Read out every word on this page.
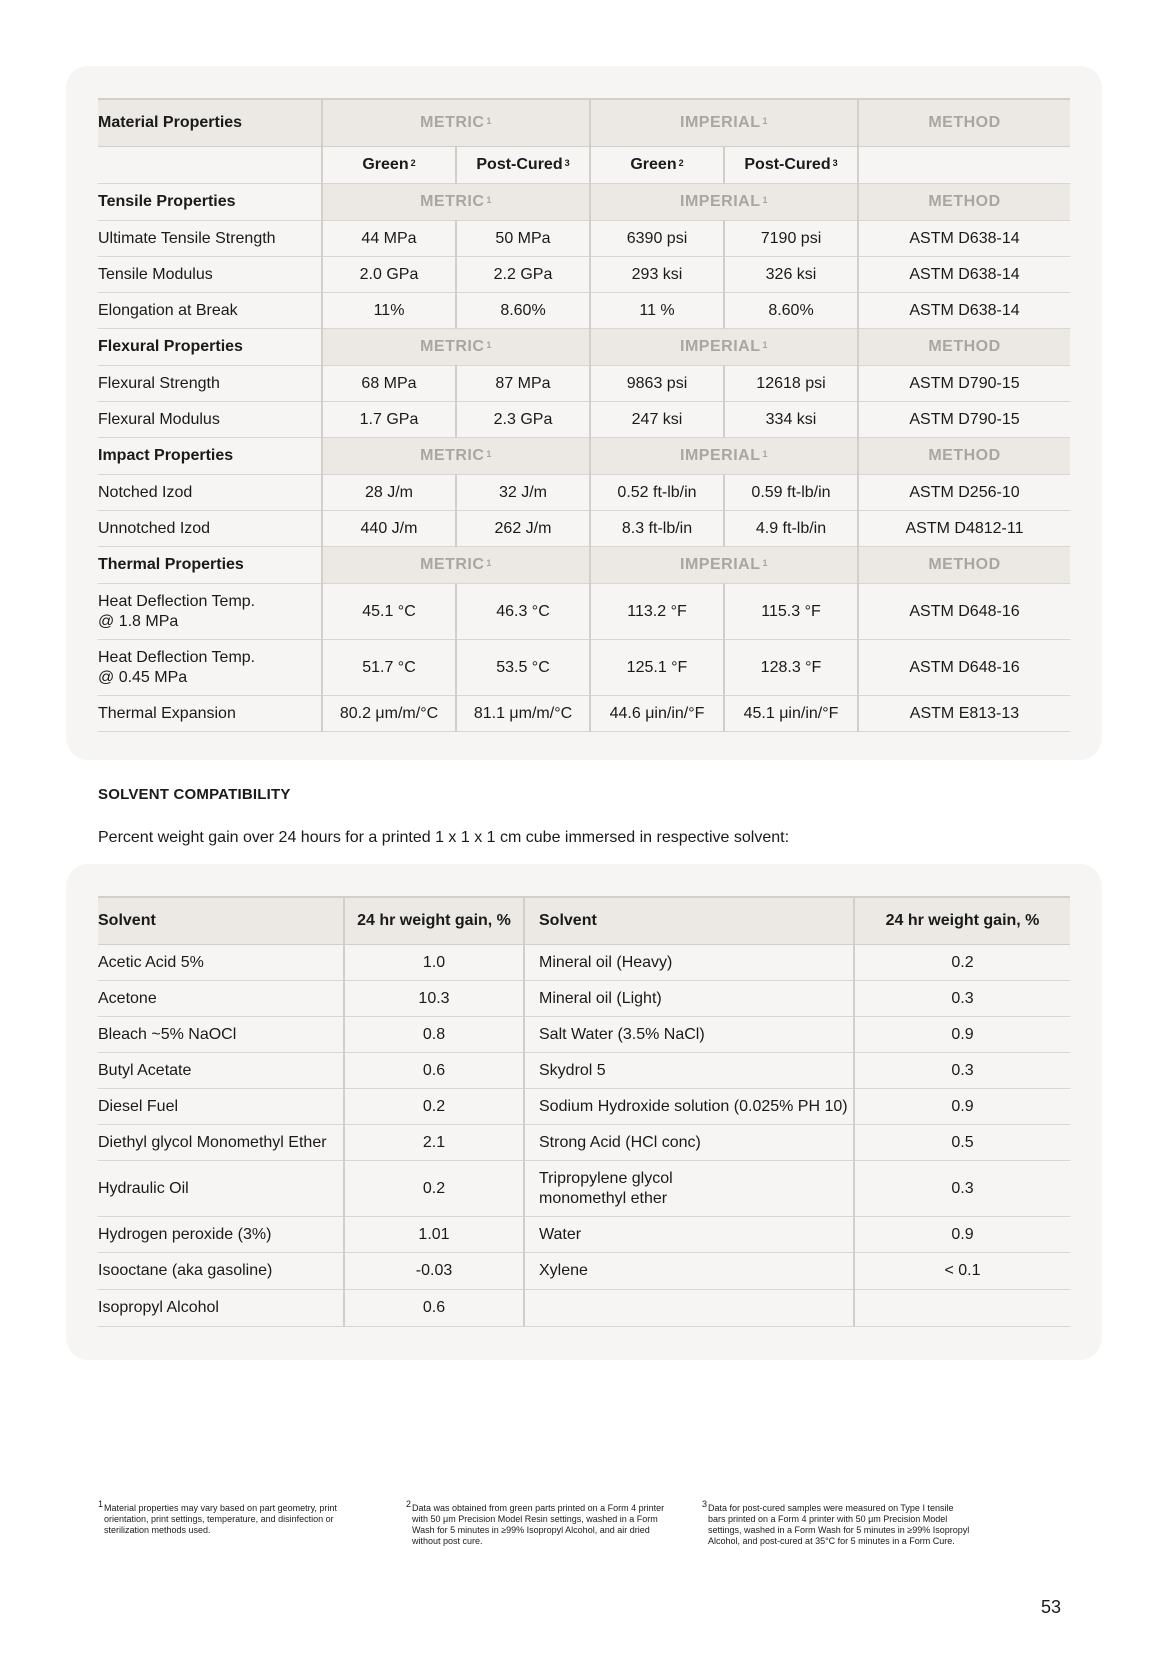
Material Properties	METRIC $^1$		IMPERIAL $^1$		METHOD
	Green $^2$	Post-Cured $^3$	Green $^2$	Post-Cured $^3$	
Tensile Properties	METRIC $^1$		IMPERIAL $^1$		METHOD
Ultimate Tensile Strength	44 MPa	50 MPa	6390 psi	7190 psi	ASTM D638-14
Tensile Modulus	2.0 GPa	2.2 GPa	293 ksi	326 ksi	ASTM D638-14
Elongation at Break	11%	8.60%	11 %	8.60%	ASTM D638-14
Flexural Properties	METRIC $^1$		IMPERIAL $^1$		METHOD
Flexural Strength	68 MPa	87 MPa	9863 psi	12618 psi	ASTM D790-15
Flexural Modulus	1.7 GPa	2.3 GPa	247 ksi	334 ksi	ASTM D790-15
Impact Properties	METRIC $^1$		IMPERIAL $^1$		METHOD
Notched Izod	28 J/m	32 J/m	0.52 ft-lb/in	0.59 ft-lb/in	ASTM D256-10
Unnotched Izod	440 J/m	262 J/m	8.3 ft-lb/in	4.9 ft-lb/in	ASTM D4812-11
Thermal Properties	METRIC $^1$		IMPERIAL $^1$		METHOD

Heat Deflection Temp.
@ 1.8 MPa	45.1 °C	46.3 °C	113.2 °F	115.3 °F	ASTM D648-16

Heat Deflection Temp.
@ 0.45 MPa	51.7 °C	53.5 °C	125.1 °F	128.3 °F	ASTM D648-16
Thermal Expansion	80.2 μm/m/°C	81.1 μm/m/°C	44.6 μin/in/°F	45.1 μin/in/°F	ASTM E813-13
SOLVENT COMPATIBILITY
Percent weight gain over 24 hours for a printed 1 x 1 x 1 cm cube immersed in respective solvent:
Solvent	24 hr weight gain, %	Solvent	24 hr weight gain, %
Acetic Acid 5%	1.0	Mineral oil (Heavy)	0.2
Acetone	10.3	Mineral oil (Light)	0.3
Bleach ~5% NaOCl	0.8	Salt Water (3.5% NaCl)	0.9
Butyl Acetate	0.6	Skydrol 5	0.3
Diesel Fuel	0.2	Sodium Hydroxide solution (0.025% PH 10)	0.9
Diethyl glycol Monomethyl Ether	2.1	Strong Acid (HCl conc)	0.5
Hydraulic Oil	0.2	Tripropylene glycol
monomethyl ether	0.3
Hydrogen peroxide (3%)	1.01	Water	0.9
Isooctane (aka gasoline)	-0.03	Xylene	< 0.1
Isopropyl Alcohol	0.6		
1 Material properties may vary based on part geometry, print orientation, print settings, temperature, and disinfection or sterilization methods used.
2 Data was obtained from green parts printed on a Form 4 printer with 50 μm Precision Model Resin settings, washed in a Form Wash for 5 minutes in ≥99% Isopropyl Alcohol, and air dried without post cure.
3 Data for post-cured samples were measured on Type I tensile bars printed on a Form 4 printer with 50 μm Precision Model settings, washed in a Form Wash for 5 minutes in ≥99% Isopropyl Alcohol, and post-cured at 35°C for 5 minutes in a Form Cure.
53
